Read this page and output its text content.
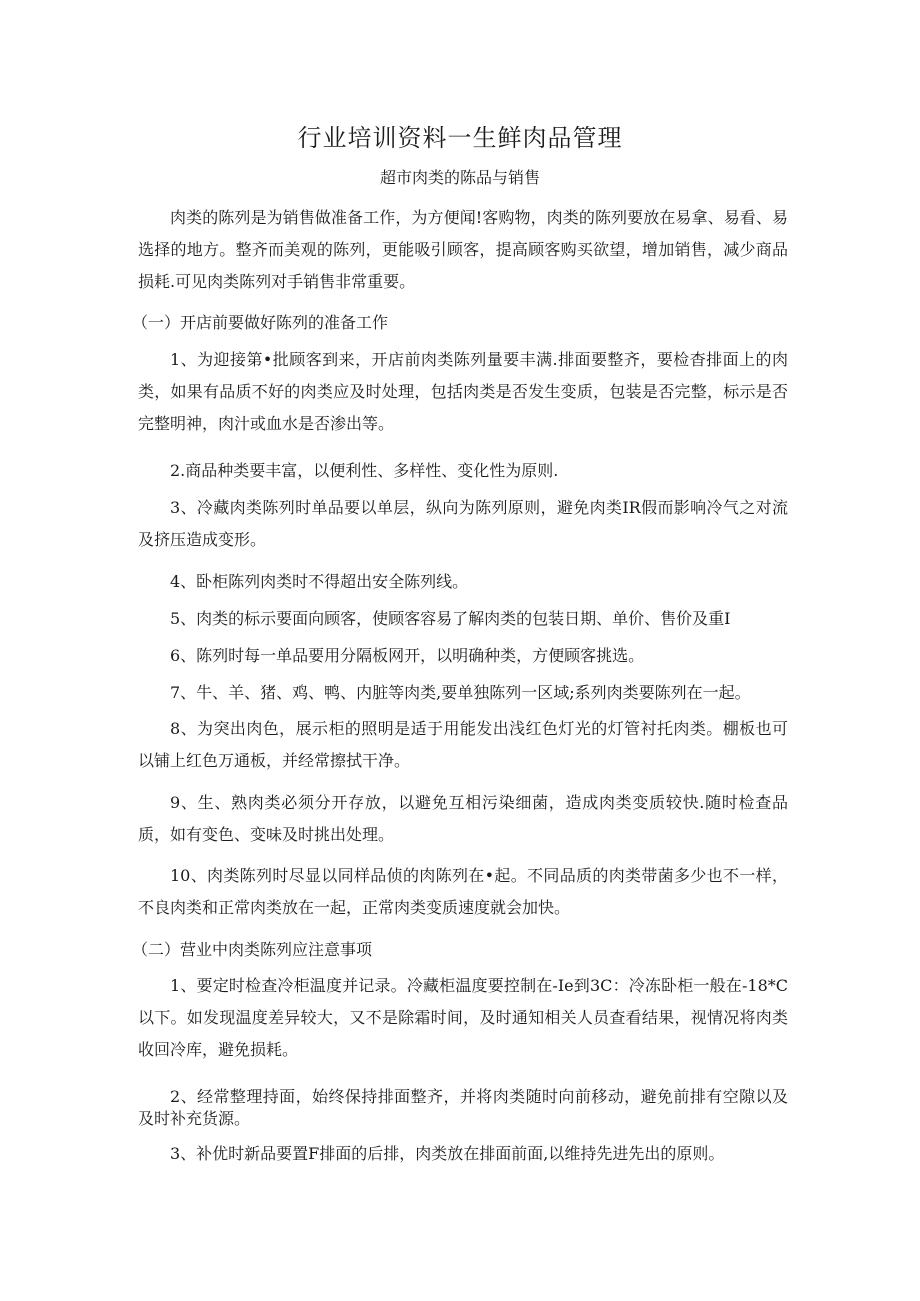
行业培训资料一生鲜肉品管理
超市肉类的陈品与销售

肉类的陈列是为销售做准备工作，为方便闻!客购物，肉类的陈列要放在易拿、易看、易选择的地方。整齐而美观的陈列，更能吸引顾客，提高顾客购买欲望，增加销售，减少商品损耗.可见肉类陈列对手销售非常重要。

（一）开店前要做好陈列的准备工作

1、为迎接第•批顾客到来，开店前肉类陈列量要丰满.排面要整齐，要检杳排面上的肉类，如果有品质不好的肉类应及时处理，包括肉类是否发生变质，包装是否完整，标示是否完整明神，肉汁或血水是否渗出等。

2.商品种类要丰富，以便利性、多样性、变化性为原则.

3、冷藏肉类陈列时单品要以单层，纵向为陈列原则，避免肉类IR假而影响冷气之对流及挤压造成变形。

4、卧柜陈列肉类时不得超出安全陈列线。

5、肉类的标示要面向顾客，使顾客容易了解肉类的包装日期、单价、售价及重I

6、陈列时每一单品要用分隔板网开，以明确种类，方便顾客挑选。

7、牛、羊、猪、鸡、鸭、内脏等肉类,要单独陈列一区域;系列肉类要陈列在一起。

8、为突出肉色，展示柜的照明是适于用能发出浅红色灯光的灯管衬托肉类。棚板也可以铺上红色万通板，并经常擦拭干净。

9、生、熟肉类必须分开存放，以避免互相污染细菌，造成肉类变质较快.随时检查品质，如有变色、变味及时挑出处理。

10、肉类陈列时尽显以同样品侦的肉陈列在•起。不同品质的肉类带菌多少也不一样，不良肉类和正常肉类放在一起，正常肉类变质速度就会加快。

（二）营业中肉类陈列应注意事项

1、要定时检查冷柜温度并记录。冷藏柜温度要控制在-Ie到3C：冷冻卧柜一般在-18*C以下。如发现温度差异较大，又不是除霜时间，及时通知相关人员查看结果，视情况将肉类收回冷库，避免损耗。

2、经常整理持面，始终保持排面整齐，并将肉类随时向前移动，避免前排有空隙以及及时补充货源。

3、补优时新品要置F排面的后排，肉类放在排面前面,以维持先进先出的原则。
